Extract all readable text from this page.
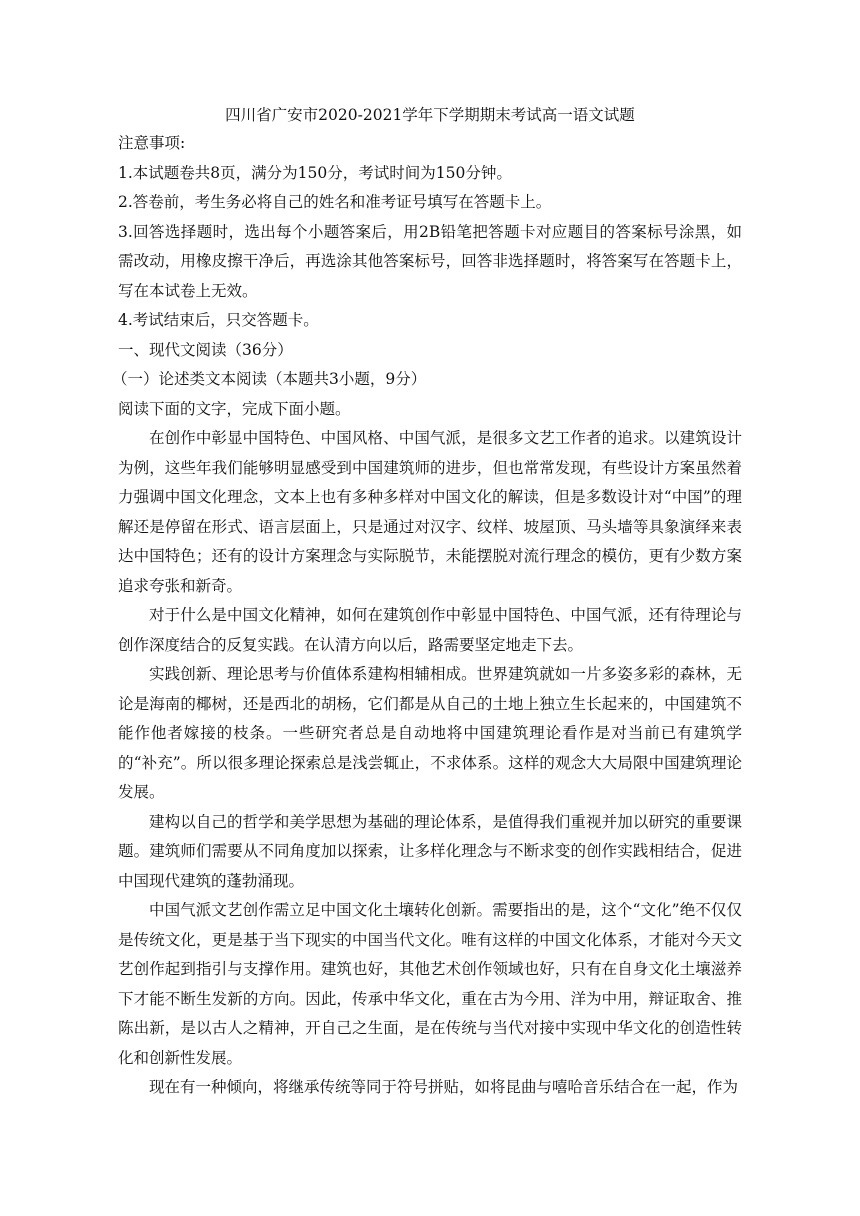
四川省广安市2020-2021学年下学期期末考试高一语文试题

注意事项:

1.本试题卷共8页，满分为150分，考试时间为150分钟。

2.答卷前，考生务必将自己的姓名和准考证号填写在答题卡上。

3.回答选择题时，选出每个小题答案后，用2B铅笔把答题卡对应题目的答案标号涂黑，如需改动，用橡皮擦干净后，再选涂其他答案标号，回答非选择题时，将答案写在答题卡上，写在本试卷上无效。

4.考试结束后，只交答题卡。

一、现代文阅读（36分）

（一）论述类文本阅读（本题共3小题，9分）

阅读下面的文字，完成下面小题。

在创作中彰显中国特色、中国风格、中国气派，是很多文艺工作者的追求。以建筑设计为例，这些年我们能够明显感受到中国建筑师的进步，但也常常发现，有些设计方案虽然着力强调中国文化理念，文本上也有多种多样对中国文化的解读，但是多数设计对“中国”的理解还是停留在形式、语言层面上，只是通过对汉字、纹样、坡屋顶、马头墙等具象演绎来表达中国特色；还有的设计方案理念与实际脱节，未能摆脱对流行理念的模仿，更有少数方案追求夸张和新奇。

对于什么是中国文化精神，如何在建筑创作中彰显中国特色、中国气派，还有待理论与创作深度结合的反复实践。在认清方向以后，路需要坚定地走下去。

实践创新、理论思考与价值体系建构相辅相成。世界建筑就如一片多姿多彩的森林，无论是海南的椰树，还是西北的胡杨，它们都是从自己的土地上独立生长起来的，中国建筑不能作他者嫁接的枝条。一些研究者总是自动地将中国建筑理论看作是对当前已有建筑学的“补充”。所以很多理论探索总是浅尝辄止，不求体系。这样的观念大大局限中国建筑理论发展。

建构以自己的哲学和美学思想为基础的理论体系，是值得我们重视并加以研究的重要课题。建筑师们需要从不同角度加以探索，让多样化理念与不断求变的创作实践相结合，促进中国现代建筑的蓬勃涌现。

中国气派文艺创作需立足中国文化土壤转化创新。需要指出的是，这个“文化”绝不仅仅是传统文化，更是基于当下现实的中国当代文化。唯有这样的中国文化体系，才能对今天文艺创作起到指引与支撑作用。建筑也好，其他艺术创作领域也好，只有在自身文化土壤滋养下才能不断生发新的方向。因此，传承中华文化，重在古为今用、洋为中用，辩证取舍、推陈出新，是以古人之精神，开自己之生面，是在传统与当代对接中实现中华文化的创造性转化和创新性发展。

现在有一种倾向，将继承传统等同于符号拼贴，如将昆曲与嘻哈音乐结合在一起，作为
